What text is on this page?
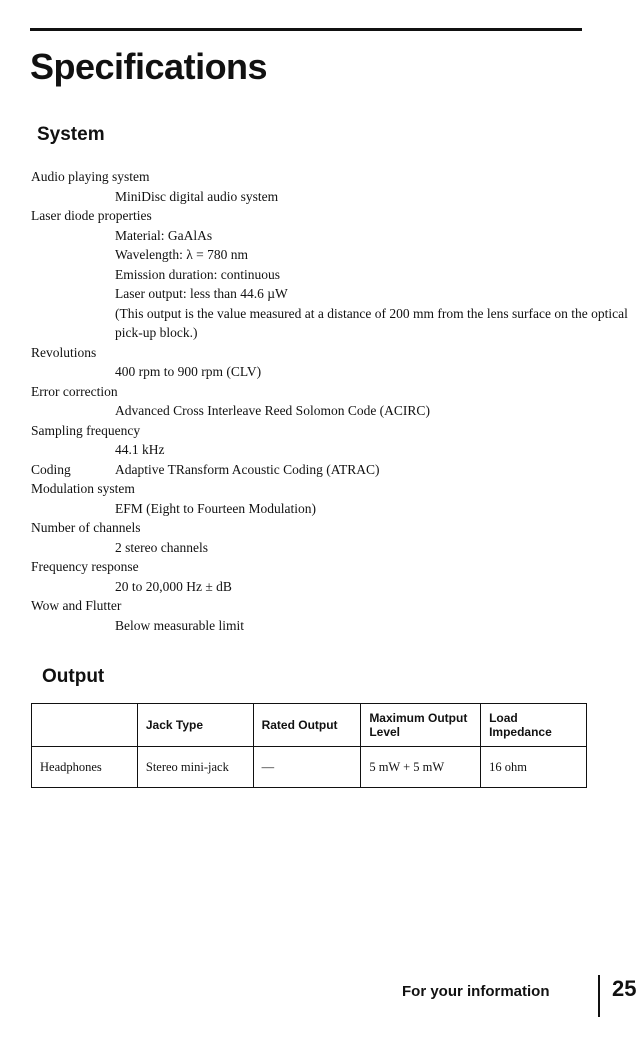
Specifications
System
Audio playing system
MiniDisc digital audio system
Laser diode properties
Material: GaAlAs
Wavelength: λ = 780 nm
Emission duration: continuous
Laser output: less than 44.6 µW
(This output is the value measured at a distance of 200 mm from the lens surface on the optical pick-up block.)
Revolutions
400 rpm to 900 rpm (CLV)
Error correction
Advanced Cross Interleave Reed Solomon Code (ACIRC)
Sampling frequency
44.1 kHz
Coding	Adaptive TRansform Acoustic Coding (ATRAC)
Modulation system
EFM (Eight to Fourteen Modulation)
Number of channels
2 stereo channels
Frequency response
20 to 20,000 Hz ± dB
Wow and Flutter
Below measurable limit
Output
	Jack Type	Rated Output	Maximum Output Level	Load Impedance
Headphones	Stereo mini-jack	—	5 mW + 5 mW	16 ohm
For your information	25
